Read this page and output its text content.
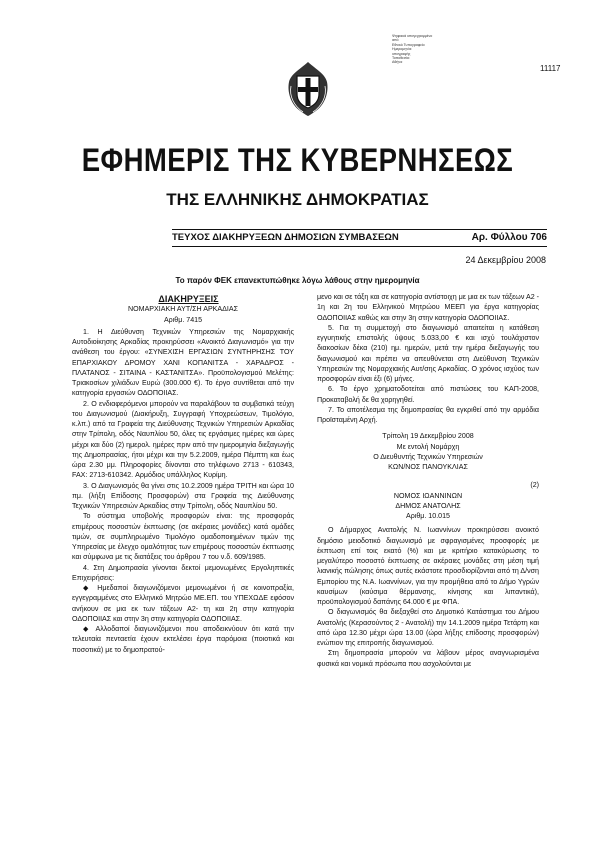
Ψηφιακά υπογεγραμμένο
από
Εθνικό Τυπογραφείο
Ημερομηνία:
υπογραφής
Τοποθεσία:
Αθήνα
11117
ΕΦΗΜΕΡΙΣ ΤΗΣ ΚΥΒΕΡΝΗΣΕΩΣ
ΤΗΣ ΕΛΛΗΝΙΚΗΣ ΔΗΜΟΚΡΑΤΙΑΣ
ΤΕΥΧΟΣ ΔΙΑΚΗΡΥΞΕΩΝ ΔΗΜΟΣΙΩΝ ΣΥΜΒΑΣΕΩΝ	Αρ. Φύλλου 706
24 Δεκεμβρίου 2008
Το παρόν ΦΕΚ επανεκτυπώθηκε λόγω λάθους στην ημερομηνία

ΔΙΑΚΗΡΥΞΕΙΣ

ΝΟΜΑΡΧΙΑΚΗ ΑΥΤ/ΣΗ ΑΡΚΑΔΙΑΣ

Αριθμ. 7415

1. Η Διεύθυνση Τεχνικών Υπηρεσιών της Νομαρχιακής Αυτοδιοίκησης Αρκαδίας προκηρύσσει «Ανοικτό Διαγωνισμό» για την ανάθεση του έργου: «ΣΥΝΕΧΙΣΗ ΕΡΓΑΣΙΩΝ ΣΥΝΤΗΡΗΣΗΣ ΤΟΥ ΕΠΑΡΧΙΑΚΟΥ ΔΡΟΜΟΥ ΧΑΝΙ ΚΟΠΑΝΙΤΣΑ - ΧΑΡΑΔΡΟΣ - ΠΛΑΤΑΝΟΣ - ΣΙΤΑΙΝΑ - ΚΑΣΤΑΝΙΤΣΑ». Προϋπολογισμού Μελέτης: Τριακοσίων χιλιάδων Ευρώ (300.000 €). Το έργο συντίθεται από την κατηγορία εργασιών ΟΔΟΠΟΙΙΑΣ.

2. Ο ενδιαφερόμενοι μπορούν να παραλάβουν τα συμβατικά τεύχη του Διαγωνισμού (Διακήρυξη, Συγγραφή Υποχρεώσεων, Τιμολόγιο, κ.λπ.) από τα Γραφεία της Διεύθυνσης Τεχνικών Υπηρεσιών Αρκαδίας στην Τρίπολη, οδός Ναυπλίου 50, όλες τις εργάσιμες ημέρες και ώρες μέχρι και δύο (2) ημερολ. ημέρες πριν από την ημερομηνία διεξαγωγής της Δημοπρασίας, ήτοι μέχρι και την 5.2.2009, ημέρα Πέμπτη και έως ώρα 2.30 μμ. Πληροφορίες δίνονται στο τηλέφωνο 2713 - 610343, FAX: 2713-610342. Αρμόδιος υπάλληλος Κυρίμη.

3. Ο Διαγωνισμός θα γίνει στις 10.2.2009 ημέρα ΤΡΙΤΗ και ώρα 10 πμ. (λήξη Επίδοσης Προσφορών) στα Γραφεία της Διεύθυνσης Τεχνικών Υπηρεσιών Αρκαδίας στην Τρίπολη, οδός Ναυπλίου 50.

Το σύστημα υποβολής προσφορών είναι: της προσφοράς επιμέρους ποσοστών έκπτωσης (σε ακέραιες μονάδες) κατά ομάδες τιμών, σε συμπληρωμένο Τιμολόγιο ομαδοποιημένων τιμών της Υπηρεσίας με έλεγχο ομαλότητας των επιμέρους ποσοστών έκπτωσης και σύμφωνα με τις διατάξεις του άρθρου 7 του ν.δ. 609/1985.

4. Στη Δημοπρασία γίνονται δεκτοί μεμονωμένες Εργοληπτικές Επιχειρήσεις:

◆ Ημεδαποί διαγωνιζόμενοι μεμονωμένοι ή σε κοινοπραξία, εγγεγραμμένες στο Ελληνικό Μητρώο ΜΕ.ΕΠ. του ΥΠΕΧΩΔΕ εφόσον ανήκουν σε μια εκ των τάξεων Α2- τη και 2η στην κατηγορία ΟΔΟΠΟΙΙΑΣ και στην 3η στην κατηγορία ΟΔΟΠΟΙΙΑΣ.

◆ Αλλοδαποί διαγωνιζόμενοι που αποδεικνύουν ότι κατά την τελευταία πενταετία έχουν εκτελέσει έργα παρόμοια (ποιοτικά και ποσοτικά) με το δημοπρατού-

μενο και σε τάξη και σε κατηγορία αντίστοιχη με μια εκ των τάξεων Α2 - 1η και 2η του Ελληνικού Μητρώου ΜΕΕΠ για έργα κατηγορίας ΟΔΟΠΟΙΙΑΣ καθώς και στην 3η στην κατηγορία ΟΔΟΠΟΙΙΑΣ.

5. Για τη συμμετοχή στο διαγωνισμό απαιτείται η κατάθεση εγγυητικής επιστολής ύψους 5.033,00 € και ισχύ τουλάχιστον διακοσίων δέκα (210) ημ. ημερών, μετά την ημέρα διεξαγωγής του διαγωνισμού και πρέπει να απευθύνεται στη Διεύθυνση Τεχνικών Υπηρεσιών της Νομαρχιακής Αυτ/σης Αρκαδίας. Ο χρόνος ισχύος των προσφορών είναι έξι (6) μήνες.

6. Το έργο χρηματοδοτείται από πιστώσεις του ΚΑΠ-2008, Προκαταβολή δε θα χορηγηθεί.

7. Το αποτέλεσμα της δημοπρασίας θα εγκριθεί από την αρμόδια Προϊσταμένη Αρχή.

Τρίπολη 19 Δεκεμβρίου 2008

Με εντολή Νομάρχη

Ο Διευθυντής Τεχνικών Υπηρεσιών

ΚΩΝ/ΝΟΣ ΠΑΝΟΥΚΛΙΑΣ

(2)

ΝΟΜΟΣ ΙΩΑΝΝΙΝΩΝ

ΔΗΜΟΣ ΑΝΑΤΟΛΗΣ

Αριθμ. 10.015

Ο Δήμαρχος Ανατολής Ν. Ιωαννίνων προκηρύσσει ανοικτό δημόσιο μειοδοτικό διαγωνισμό με σφραγισμένες προσφορές με έκπτωση επί τοις εκατό (%) και με κριτήριο κατακύρωσης το μεγαλύτερο ποσοστό έκπτωσης σε ακέραιες μονάδες στη μέση τιμή λιανικής πώλησης όπως αυτές εκάστοτε προσδιορίζονται από τη Δ/νση Εμπορίου της Ν.Α. Ιωαννίνων, για την προμήθεια από το Δήμο Υγρών καυσίμων (καύσιμα θέρμανσης, κίνησης και λιπαντικά), προϋπολογισμού δαπάνης 64.000 € με ΦΠΑ.

Ο διαγωνισμός θα διεξαχθεί στο Δημοτικό Κατάστημα του Δήμου Ανατολής (Κερασούντος 2 - Ανατολή) την 14.1.2009 ημέρα Τετάρτη και από ώρα 12.30 μέχρι ώρα 13.00 (ώρα λήξης επίδοσης προσφορών) ενώπιον της επιτροπής διαγωνισμού.

Στη δημοπρασία μπορούν να λάβουν μέρος αναγνωρισμένα φυσικά και νομικά πρόσωπα που ασχολούνται με
